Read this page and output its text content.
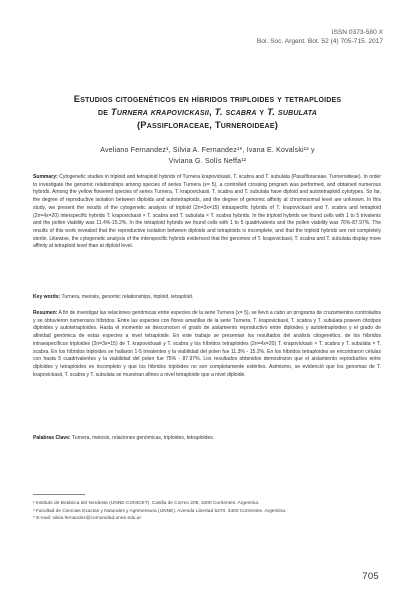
ISSN 0373-580 X
Bol. Soc. Argent. Bot. 52 (4) 705-715. 2017
Estudios citogenéticos en híbridos triploides y tetraploides
de Turnera krapovickasii, T. scabra y T. subulata
(Passifloraceae, Turneroideae)
Aveliano Fernandez¹, Silvia A. Fernandez¹*, Ivana E. Kovalski¹² y
Viviana G. Solís Neffa¹²
Summary: Cytogenetic studies in triploid and tetraploid hybrids of Turnera krapovickasii, T. scabra and T. subulata (Passifloraceae, Turneroideae). In order to investigate the genomic relationships among species of series Turnera (x= 5), a controlled crossing program was performed, and obtained numerous hybrids. Among the yellow flowered species of series Turnera, T. krapovickasii, T. scabra and T. subulata have diploid and autotetraploid cytotypes. So far, the degree of reproductive isolation between diploids and autotetraploids, and the degree of genomic affinity at chromosomal level are unknown. In this study, we present the results of the cytogenetic analysis of triploid (2n=3x=15) intraspecific hybrids of T. krapovickasii and T. scabra and tetraploid (2n=4x=20) interspecific hybrids T. krapovickasii × T. scabra and T. subulata × T. scabra hybrids. In the triploid hybrids we found cells with 1 to 5 trivalents and the pollen viability was 11.4%-15.2%. In the tetraploid hybrids we found cells with 1 to 5 quadrivalents and the pollen viability was 76%-87.97%. The results of this work revealed that the reproductive isolation between diploids and tetraploids is incomplete, and that the triploid hybrids are not completely sterile. Likewise, the cytogenetic analysis of the interspecific hybrids evidenced that the genomes of T. krapovickasii, T. scabra and T. subulata display more affinity at tetraploid level than at diploid level.
Key words: Turnera, meiosis, genomic relationships, triploid, tetraploid.
Resumen: A fin de investigar las relaciones genómicas entre especies de la serie Turnera (x= 5), se llevó a cabo un programa de cruzamientos controlados y se obtuvieron numerosos híbridos. Entre las especies con flores amarillas de la serie Turnera, T. krapovickasii, T. scabra y T. subulata poseen citotipos diploides y autotetraploides. Hasta el momento se desconocen el grado de aislamiento reproductivo entre diploides y autotetraploides y el grado de afinidad genómica de estas especies a nivel tetraploide. En este trabajo se presentan los resultados del análisis citogenético, de los híbridos intraespecíficos triploides (2n=3x=15) de T. krapovickasii y T. scabra y los híbridos tetraploides (2n=4x=20) T. krapovickasii × T. scabra y T. subulata × T. scabra. En los híbridos triploides se hallaron 1-5 trivalentes y la viabilidad del polen fue 11.3% - 15.2%. En los híbridos tetraploides se encontraron células con hasta 5 cuadrivalentes y la viabilidad del polen fue 75% - 87.97%. Los resultados obtenidos demostraron que el aislamiento reproductivo entre diploides y tetraploides es incompleto y que los híbridos triploides no son completamente estériles. Asimismo, se evidenció que los genomas de T. krapovickasii, T. scabra y T. subulata se muestran afines a nivel tetraploide que a nivel diploide.
Palabras Clave: Turnera, meiosis, relaciones genómicas, triploides, tetraploides.
¹ Instituto de Botánica del Nordeste (UNNE-CONICET). Casilla de Correo 209. 3400 Corrientes. Argentina.
² Facultad de Ciencias Exactas y Naturales y Agrimensura (UNNE). Avenida Libertad 5470. 3400 Corrientes. Argentina.
* E-mail: silvia.fernandez@comunidad.unne.edu.ar
705
